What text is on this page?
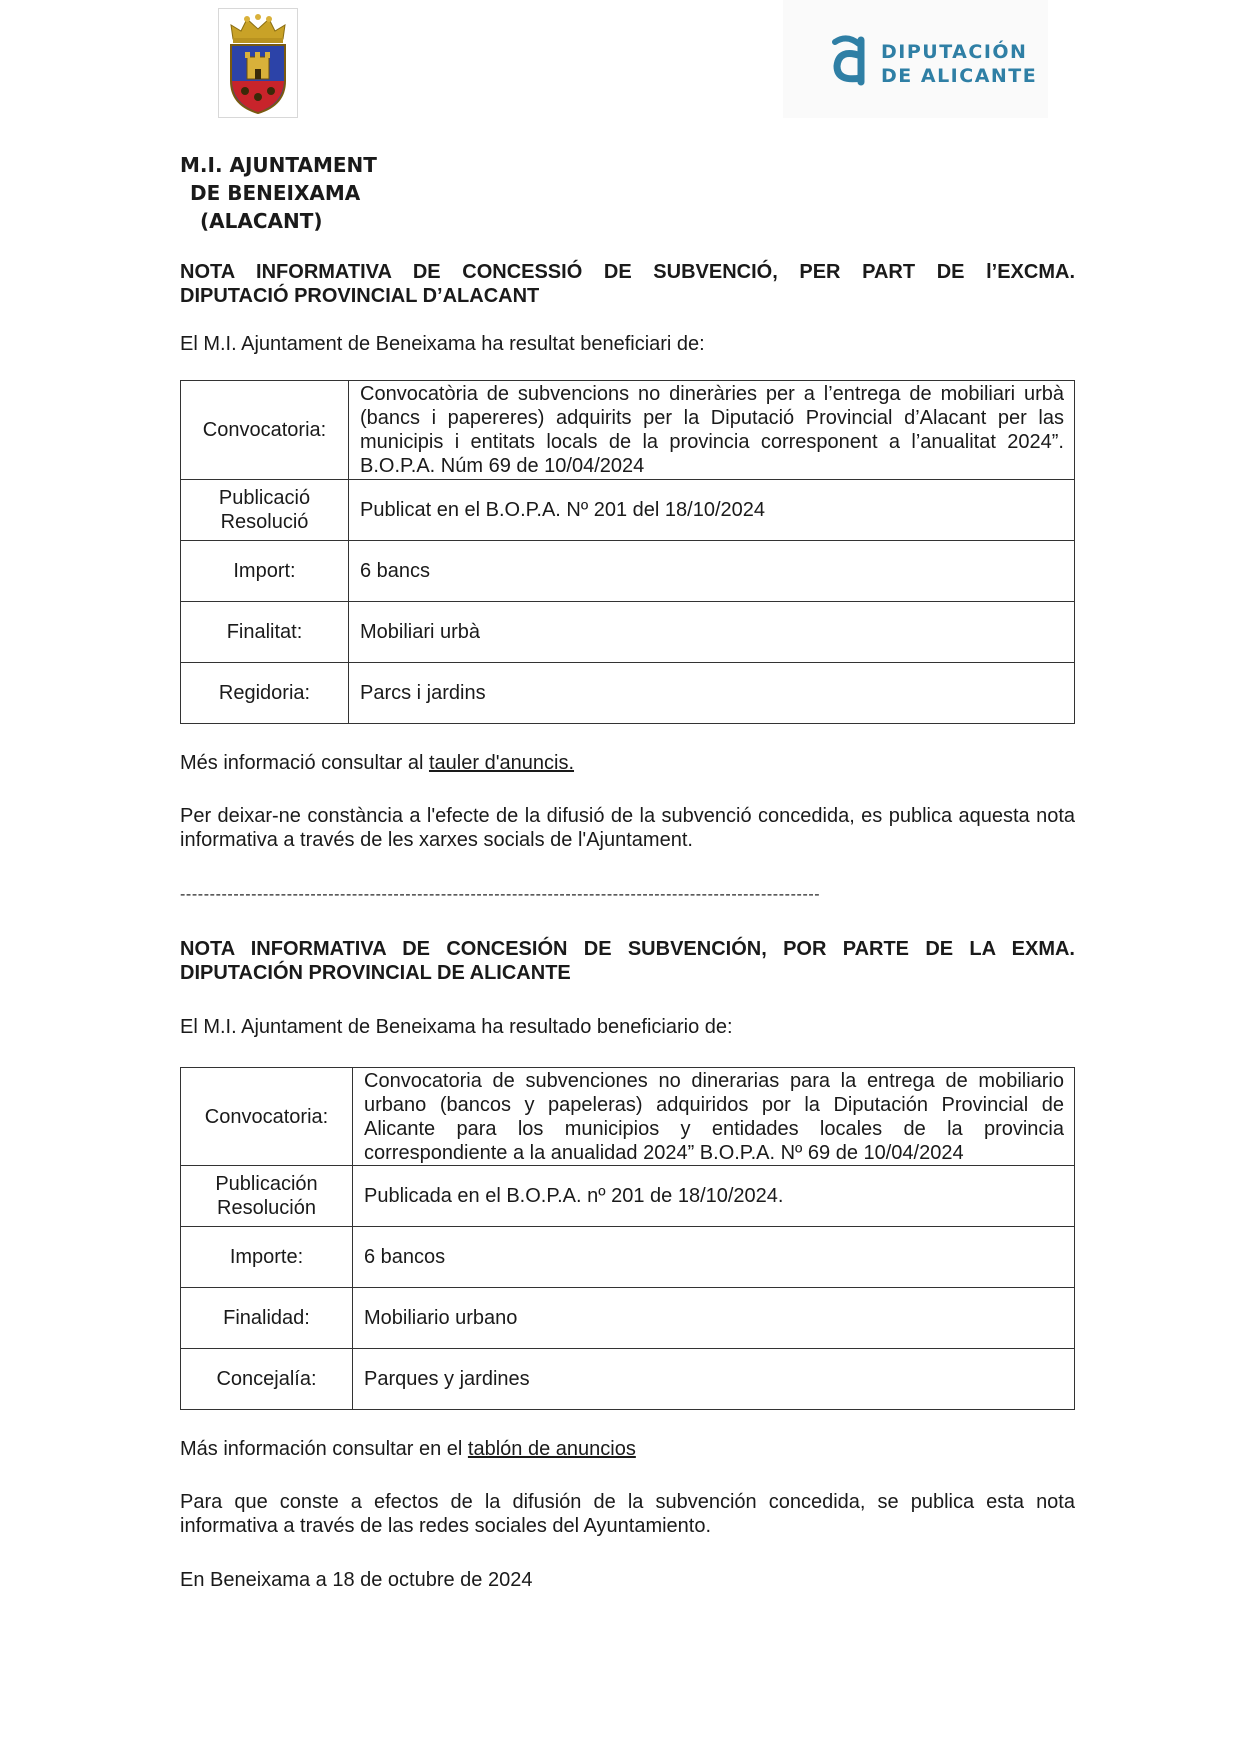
DIPUTACIÓN
DE ALICANTE
M.I. AJUNTAMENT
DE BENEIXAMA
(ALACANT)
NOTA INFORMATIVA DE CONCESSIÓ DE SUBVENCIÓ, PER PART DE l’EXCMA.
DIPUTACIÓ PROVINCIAL D’ALACANT
El M.I. Ajuntament de Beneixama ha resultat beneficiari de:
Convocatoria:	Convocatòria de subvencions no dineràries per a l’entrega de mobiliari urbà (bancs i papereres) adquirits per la Diputació Provincial d’Alacant per las municipis i entitats locals de la provincia corresponent a l’anualitat 2024”. B.O.P.A. Núm 69 de 10/04/2024
Publicació Resolució	Publicat en el B.O.P.A. Nº 201 del 18/10/2024
Import:	6 bancs
Finalitat:	Mobiliari urbà
Regidoria:	Parcs i jardins
Més informació consultar al tauler d'anuncis.
Per deixar-ne constància a l'efecte de la difusió de la subvenció concedida, es publica aquesta nota informativa a través de les xarxes socials de l'Ajuntament.
------------------------------------------------------------------------------------------------------------
NOTA INFORMATIVA DE CONCESIÓN DE SUBVENCIÓN, POR PARTE DE LA EXMA.
DIPUTACIÓN PROVINCIAL DE ALICANTE
El M.I. Ajuntament de Beneixama ha resultado beneficiario de:
Convocatoria:	Convocatoria de subvenciones no dinerarias para la entrega de mobiliario urbano (bancos y papeleras) adquiridos por la Diputación Provincial de Alicante para los municipios y entidades locales de la provincia correspondiente a la anualidad 2024” B.O.P.A. Nº 69 de 10/04/2024
Publicación Resolución	Publicada en el B.O.P.A. nº 201 de 18/10/2024.
Importe:	6 bancos
Finalidad:	Mobiliario urbano
Concejalía:	Parques y jardines
Más información consultar en el tablón de anuncios
Para que conste a efectos de la difusión de la subvención concedida, se publica esta nota informativa a través de las redes sociales del Ayuntamiento.
En Beneixama a 18 de octubre de 2024
